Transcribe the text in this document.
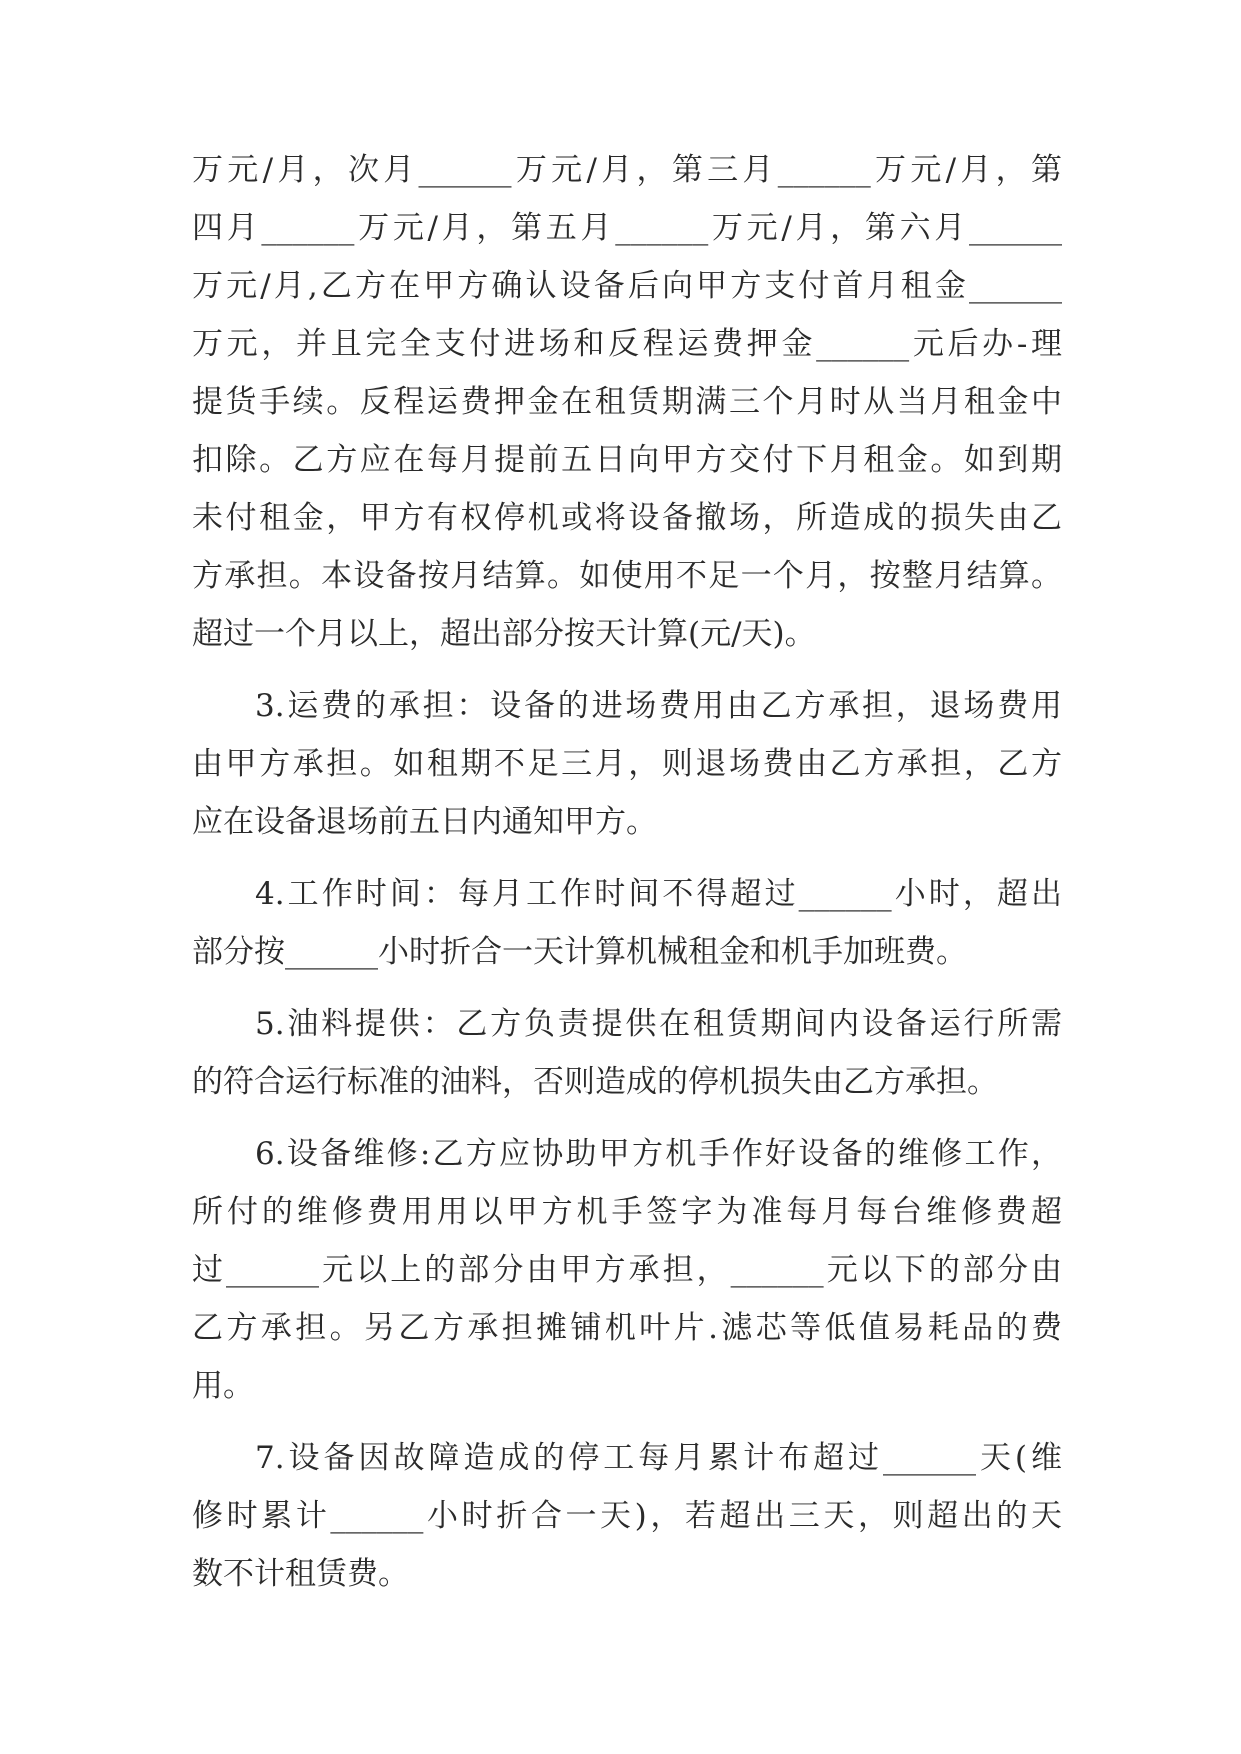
万元/月，次月______万元/月，第三月______万元/月，第
四月______万元/月，第五月______万元/月，第六月______
万元/月,乙方在甲方确认设备后向甲方支付首月租金______
万元，并且完全支付进场和反程运费押金______元后办-理
提货手续。反程运费押金在租赁期满三个月时从当月租金中
扣除。乙方应在每月提前五日向甲方交付下月租金。如到期
未付租金，甲方有权停机或将设备撤场，所造成的损失由乙
方承担。本设备按月结算。如使用不足一个月，按整月结算。
超过一个月以上，超出部分按天计算(元/天)。
3.运费的承担：设备的进场费用由乙方承担，退场费用
由甲方承担。如租期不足三月，则退场费由乙方承担，乙方
应在设备退场前五日内通知甲方。
4.工作时间：每月工作时间不得超过______小时，超出
部分按______小时折合一天计算机械租金和机手加班费。
5.油料提供：乙方负责提供在租赁期间内设备运行所需
的符合运行标准的油料，否则造成的停机损失由乙方承担。
6.设备维修:乙方应协助甲方机手作好设备的维修工作，
所付的维修费用用以甲方机手签字为准每月每台维修费超
过______元以上的部分由甲方承担，______元以下的部分由
乙方承担。另乙方承担摊铺机叶片.滤芯等低值易耗品的费
用。
7.设备因故障造成的停工每月累计布超过______天(维
修时累计______小时折合一天)，若超出三天，则超出的天
数不计租赁费。
